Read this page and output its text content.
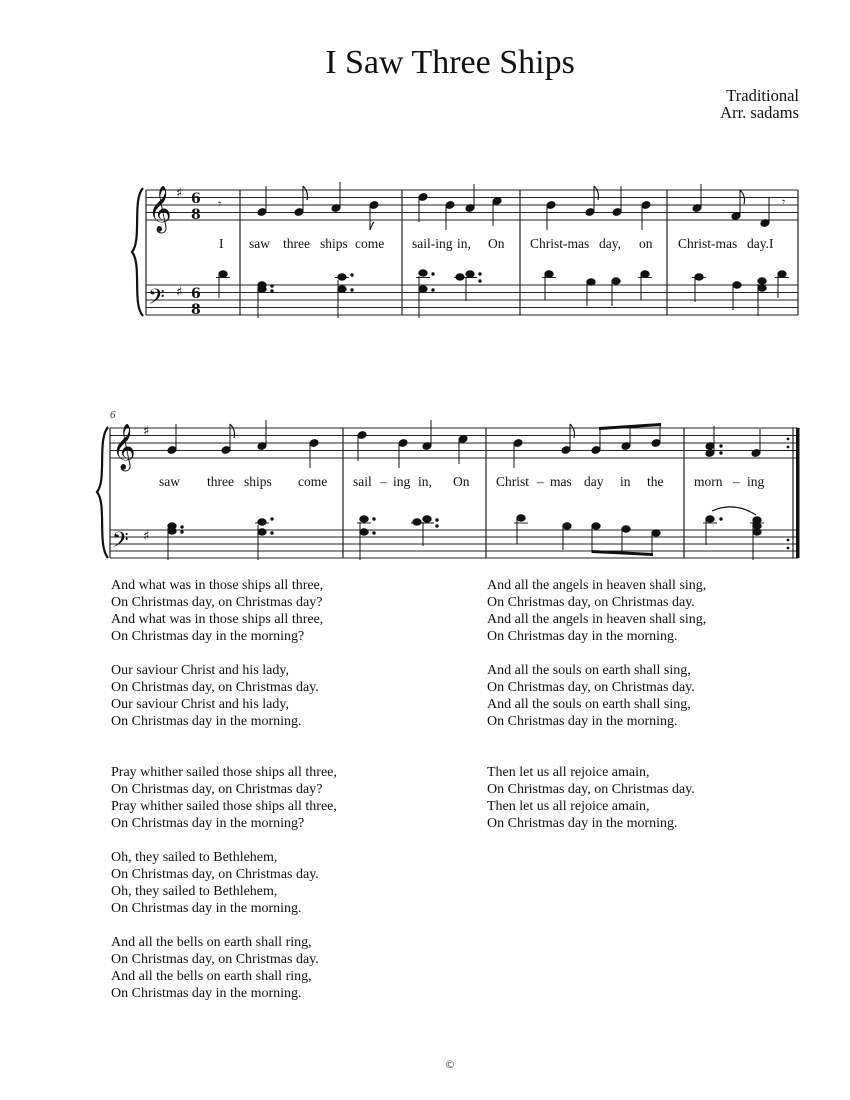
I Saw Three Ships
Traditional
Arr. sadams
𝄞 ♯ 6
8
𝄢 ♯ 6
8
𝄾	𝄾
I saw three ships come sail-ing in, On Christ-mas day, on Christ-mas day.I
6
𝄞 ♯
𝄢 ♯
saw three ships come sail – ing in, On Christ – mas day in the morn – ing
And what was in those ships all three,
On Christmas day, on Christmas day?
And what was in those ships all three,
On Christmas day in the morning?
Our saviour Christ and his lady,
On Christmas day, on Christmas day.
Our saviour Christ and his lady,
On Christmas day in the morning.
Pray whither sailed those ships all three,
On Christmas day, on Christmas day?
Pray whither sailed those ships all three,
On Christmas day in the morning?
Oh, they sailed to Bethlehem,
On Christmas day, on Christmas day.
Oh, they sailed to Bethlehem,
On Christmas day in the morning.
And all the bells on earth shall ring,
On Christmas day, on Christmas day.
And all the bells on earth shall ring,
On Christmas day in the morning.
And all the angels in heaven shall sing,
On Christmas day, on Christmas day.
And all the angels in heaven shall sing,
On Christmas day in the morning.
And all the souls on earth shall sing,
On Christmas day, on Christmas day.
And all the souls on earth shall sing,
On Christmas day in the morning.
Then let us all rejoice amain,
On Christmas day, on Christmas day.
Then let us all rejoice amain,
On Christmas day in the morning.
©
